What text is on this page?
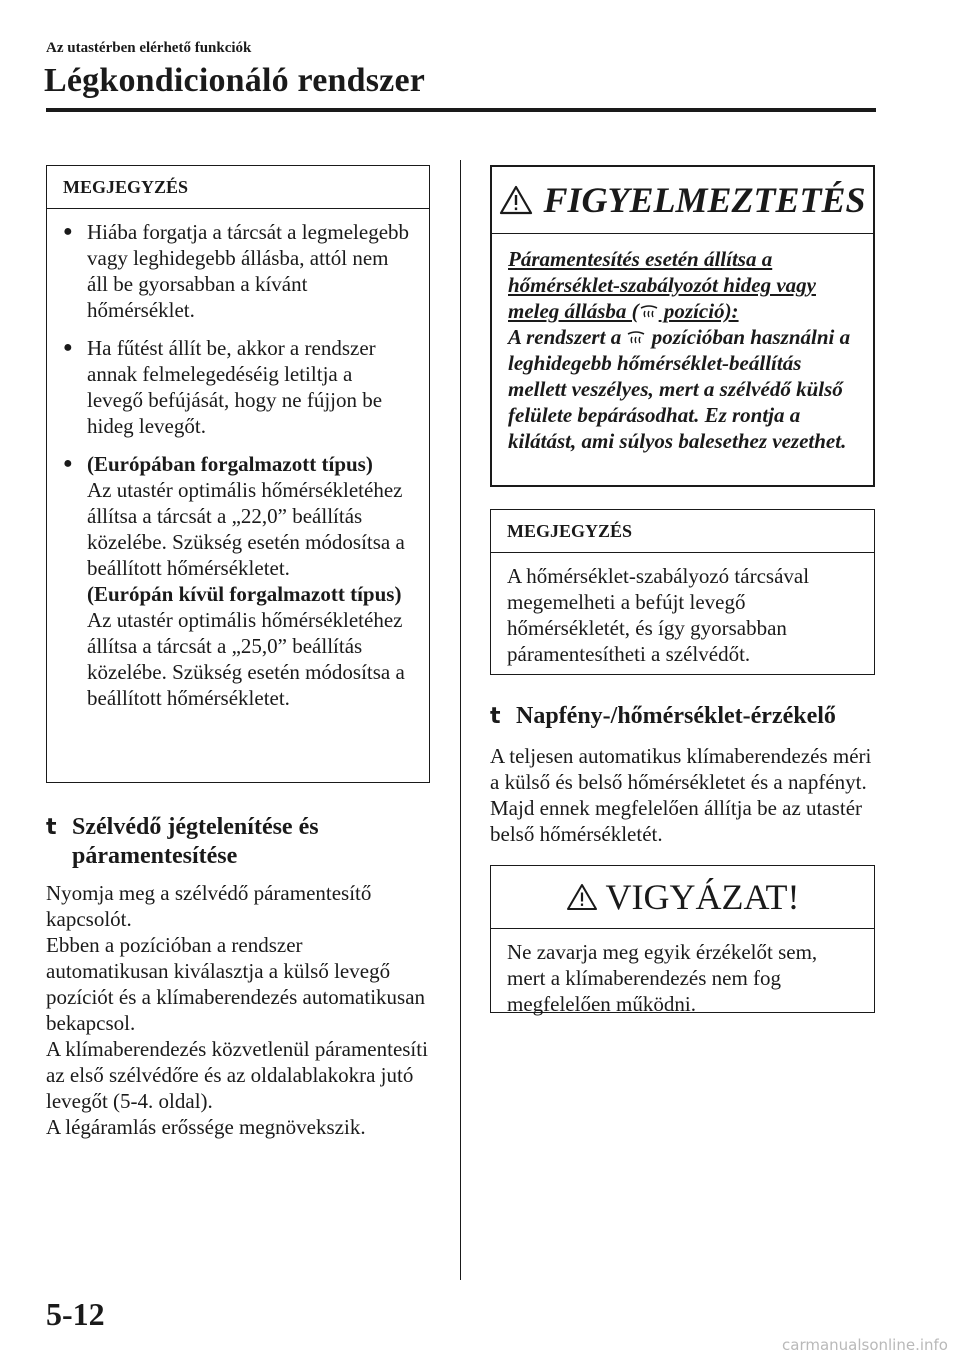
Az utastérben elérhető funkciók
Légkondicionáló rendszer
MEGJEGYZÉS
● Hiába forgatja a tárcsát a legmelegebb vagy leghidegebb állásba, attól nem áll be gyorsabban a kívánt hőmérséklet.
● Ha fűtést állít be, akkor a rendszer annak felmelegedéséig letiltja a levegő befújását, hogy ne fújjon be hideg levegőt.
● (Európában forgalmazott típus)
Az utastér optimális hőmérsékletéhez állítsa a tárcsát a „22,0” beállítás közelébe. Szükség esetén módosítsa a beállított hőmérsékletet.
(Európán kívül forgalmazott típus)
Az utastér optimális hőmérsékletéhez állítsa a tárcsát a „25,0” beállítás közelébe. Szükség esetén módosítsa a beállított hőmérsékletet.
t Szélvédő jégtelenítése és páramentesítése
Nyomja meg a szélvédő páramentesítő kapcsolót.
Ebben a pozícióban a rendszer automatikusan kiválasztja a külső levegő pozíciót és a klímaberendezés automatikusan bekapcsol.
A klímaberendezés közvetlenül páramentesíti az első szélvédőre és az oldalablakokra jutó levegőt (5-4. oldal).
A légáramlás erőssége megnövekszik.
FIGYELMEZTETÉS
Páramentesítés esetén állítsa a
hőmérséklet-szabályozót hideg vagy
meleg állásba ( pozíció):
A rendszert a  pozícióban használni a leghidegebb hőmérséklet-beállítás mellett veszélyes, mert a szélvédő külső felülete bepárásodhat. Ez rontja a kilátást, ami súlyos balesethez vezethet.
MEGJEGYZÉS
A hőmérséklet-szabályozó tárcsával megemelheti a befújt levegő hőmérsékletét, és így gyorsabban páramentesítheti a szélvédőt.
t Napfény-/hőmérséklet-érzékelő
A teljesen automatikus klímaberendezés méri a külső és belső hőmérsékletet és a napfényt. Majd ennek megfelelően állítja be az utastér belső hőmérsékletét.
VIGYÁZAT!
Ne zavarja meg egyik érzékelőt sem, mert a klímaberendezés nem fog megfelelően működni.
5-12
carmanualsonline.info
